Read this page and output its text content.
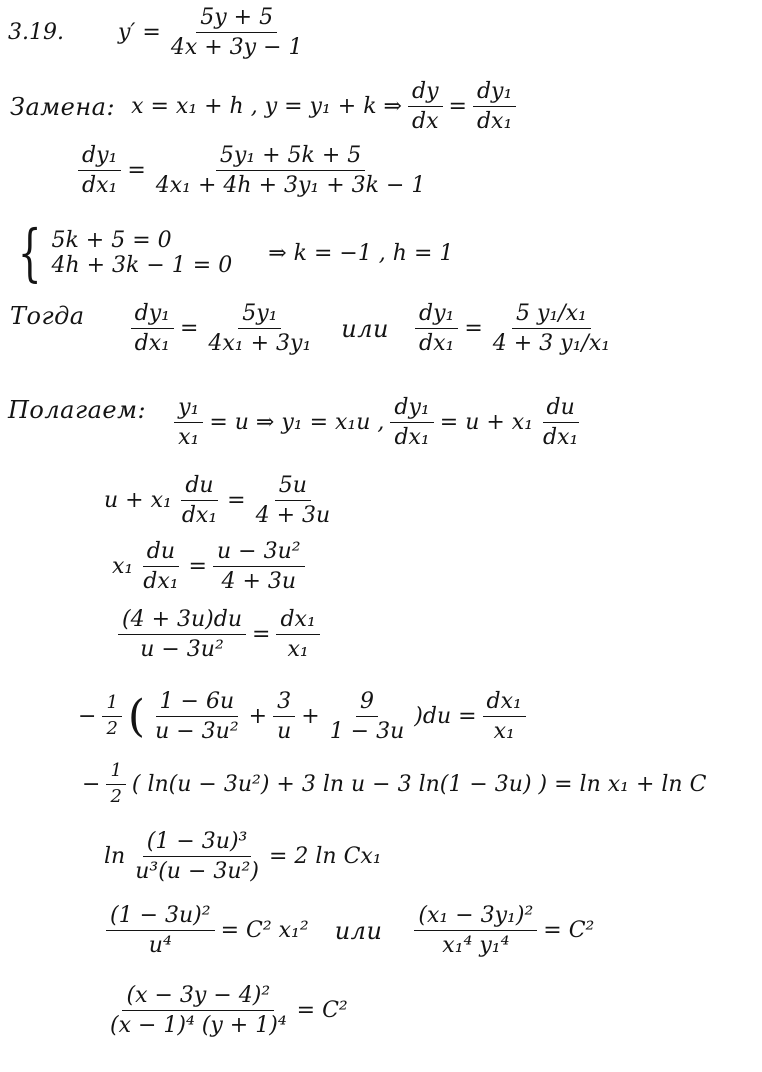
3.19. $y' = \frac{5y + 5}{4x + 3y - 1}$
Замена: x = x₁ + h , y = y₁ + k ⇒ $\frac{dy}{dx} = \frac{\text{dy₁}}{\text{dx₁}}$
$\frac{\text{dy₁}}{\text{dx₁}} = \frac{\text{5y₁ + 5k + 5}}{\text{4x₁ + 4h + 3y₁ + 3k − 1}}$
{ 5k + 5 = 0
4h + 3k − 1 = 0 ⇒ k = −1 , h = 1
Тогда $\frac{\text{dy₁}}{\text{dx₁}} = \frac{\text{5y₁}}{\text{4x₁ + 3y₁}}$ или $\frac{\text{dy₁}}{\text{dx₁}} = \frac{\text{5 y₁/x₁}}{\text{4 + 3 y₁/x₁}}$
Полагаем: $\frac{\text{y₁}}{\text{x₁}} = u$ ⇒ y₁ = x₁u , $\frac{\text{dy₁}}{\text{dx₁}} = u + x_1 \frac{du}{\text{dx₁}}$
$u + x_1 \frac{du}{\text{dx₁}} = \frac{5u}{4 + 3u}$
$x_1 \frac{du}{\text{dx₁}} = \frac{\text{u − 3u²}}{4 + 3u}$
$\frac{(4 + 3u)du}{\text{u − 3u²}} = \frac{\text{dx₁}}{\text{x₁}}$
− $\frac{1}{2}$ ( $\frac{1 - 6u}{\text{u − 3u²}} + \frac{3}{u} + \frac{9}{1 - 3u} )du = \frac{\text{dx₁}}{\text{x₁}}$
− $\frac{1}{2}$ ( ln(u − 3u²) + 3 ln u − 3 ln(1 − 3u) ) = ln x₁ + ln C
$\ln \frac{\text{(1 − 3u)³}}{\text{u³(u − 3u²)}} = 2$ ln Cx₁
$\frac{\text{(1 − 3u)²}}{\text{u⁴}} = C^2$ x₁² или $\frac{\text{(x₁ − 3y₁)²}}{\text{x₁⁴ y₁⁴}} = C^2$
$\frac{\text{(x − 3y − 4)²}}{\text{(x − 1)⁴ (y + 1)⁴}} = C^2$
